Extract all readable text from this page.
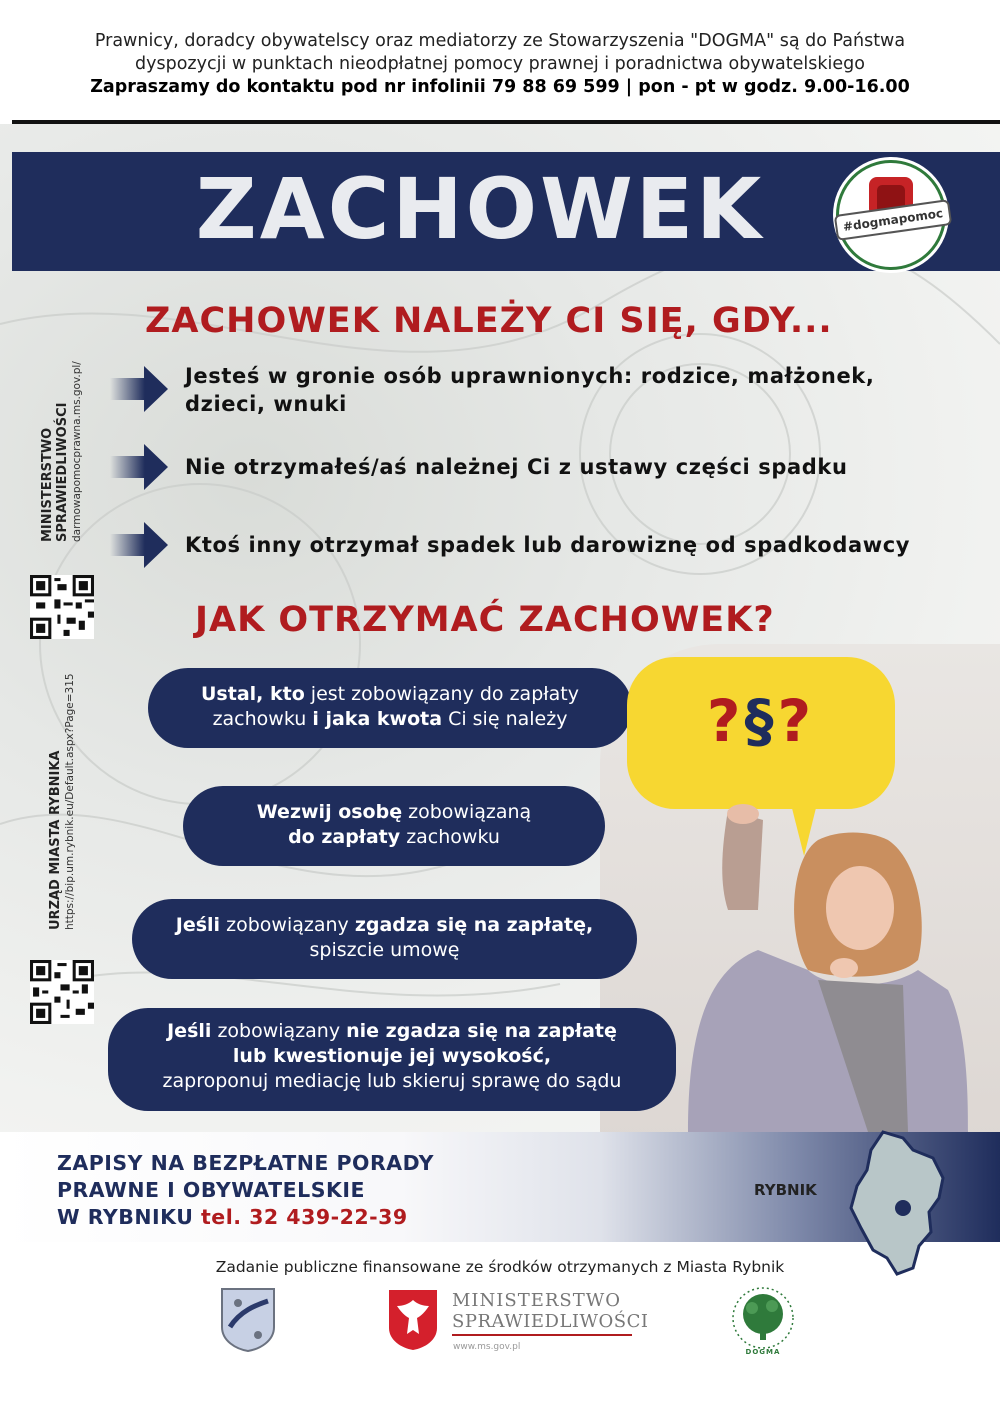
Prawnicy, doradcy obywatelscy oraz mediatorzy ze Stowarzyszenia "DOGMA" są do Państwa
dyspozycji w punktach nieodpłatnej pomocy prawnej i poradnictwa obywatelskiego
Zapraszamy do kontaktu pod nr infolinii 79 88 69 599 | pon - pt w godz. 9.00-16.00
ZACHOWEK	#dogmapomoc
ZACHOWEK NALEŻY CI SIĘ, GDY...
Jesteś w gronie osób uprawnionych: rodzice, małżonek,
dzieci, wnuki
Nie otrzymałeś/aś należnej Ci z ustawy części spadku
Ktoś inny otrzymał spadek lub darowiznę od spadkodawcy
MINISTERSTWO SPRAWIEDLIWOŚCI darmowapomocprawna.ms.gov.pl/
URZĄD MIASTA RYBNIKA https://bip.um.rybnik.eu/Default.aspx?Page=315
JAK OTRZYMAĆ ZACHOWEK?
Ustal, kto jest zobowiązany do zapłaty
zachowku i jaka kwota Ci się należy
Wezwij osobę zobowiązaną
do zapłaty zachowku
Jeśli zobowiązany zgadza się na zapłatę,
spiszcie umowę
Jeśli zobowiązany nie zgadza się na zapłatę
lub kwestionuje jej wysokość,
zaproponuj mediację lub skieruj sprawę do sądu
?§?
ZAPISY NA BEZPŁATNE PORADY
PRAWNE I OBYWATELSKIE
W RYBNIKU tel. 32 439-22-39
RYBNIK
Zadanie publiczne finansowane ze środków otrzymanych z Miasta Rybnik
MINISTERSTWO
SPRAWIEDLIWOŚCI
www.ms.gov.pl	DOGMA
